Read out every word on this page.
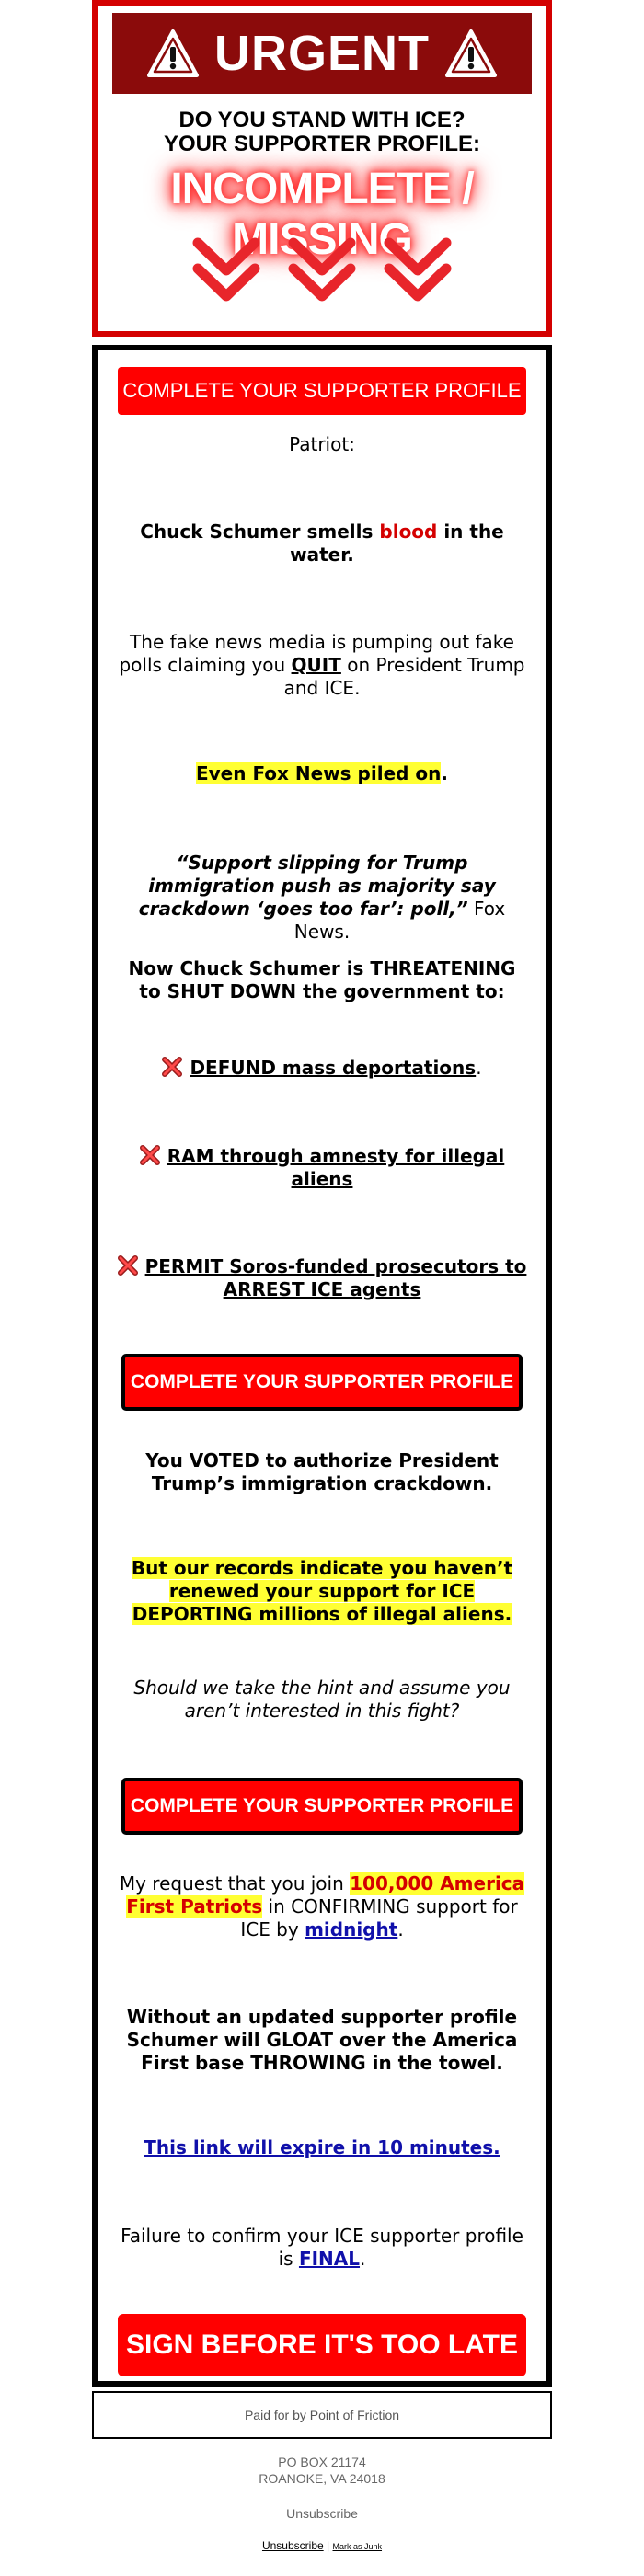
URGENT
DO YOU STAND WITH ICE?
YOUR SUPPORTER PROFILE:
INCOMPLETE / MISSING
COMPLETE YOUR SUPPORTER PROFILE
Patriot:
Chuck Schumer smells blood in the water.
The fake news media is pumping out fake polls claiming you QUIT on President Trump and ICE.
Even Fox News piled on.
“Support slipping for Trump immigration push as majority say crackdown ‘goes too far’: poll,” Fox News.
Now Chuck Schumer is THREATENING to SHUT DOWN the government to:
DEFUND mass deportations.
RAM through amnesty for illegal aliens
PERMIT Soros-funded prosecutors to ARREST ICE agents
COMPLETE YOUR SUPPORTER PROFILE
You VOTED to authorize President Trump’s immigration crackdown.
But our records indicate you haven’t renewed your support for ICE DEPORTING millions of illegal aliens.
Should we take the hint and assume you aren’t interested in this fight?
COMPLETE YOUR SUPPORTER PROFILE
My request that you join 100,000 America First Patriots in CONFIRMING support for ICE by midnight.
Without an updated supporter profile Schumer will GLOAT over the America First base THROWING in the towel.
This link will expire in 10 minutes.
Failure to confirm your ICE supporter profile is FINAL.
SIGN BEFORE IT'S TOO LATE
Paid for by Point of Friction
PO BOX 21174
ROANOKE, VA 24018
Unsubscribe
Unsubscribe | Mark as Junk
